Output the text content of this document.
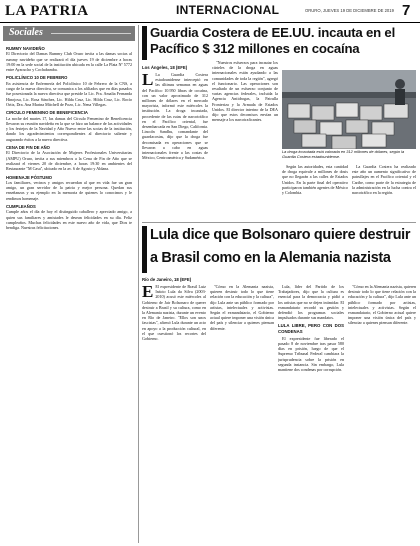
LA PATRIA	INTERNACIONAL	ORURO, JUEVES 19 DE DICIEMBRE DE 2019 7
Sociales
RUMMY NAVIDEÑO

El Directorio del Damas Rummy Club Oruro invita a las damas socias al rummy navideño que se realizará el día jueves 19 de diciembre a horas 19:00 en la sede social de la institución ubicada en la calle La Plata Nº 5772 entre Ayacucho y Cochabamba.

POLICLÍNICO 10 DE FEBRERO

En asistencia de Enfermería del Policlínico 10 de Febrero de la CNS, a cargo de la nueva directiva, se comunica a los afiliados que en días pasados fue posesionada la nueva directiva que preside la Lic. Pra. Amalia Fernanda Hinojosa, Lic. Rosa Sánchez, Lic. Hilda Cruz, Lic. Hilda Cruz, Lic. Rocío Ortiz, Dra. Ana Marina Mitchell de Pozo, Lic. Nena Villegas.

CIRCULO FEMENINO DE BENEFICENCIA

La noche del martes 17, las damas del Círculo Femenino de Beneficencia llevaron su reunión navideña en la que se hizo un balance de las actividades y los festejos de la Navidad y Año Nuevo entre las socias de la institución, dando los agradecimientos correspondientes al directorio saliente y augurando éxitos a la nueva directiva.

CENA DE FIN DE AÑO

El Directorio de la Asociación de Mujeres Profesionales Universitarias (AMPU) Oruro, invita a sus miembros a la Cena de Fin de Año que se realizará el viernes 20 de diciembre, a horas 19:30 en ambientes del Restaurante "M Casa", ubicado en la av. 6 de Agosto y Aldana.

HOMENAJE PÓSTUMO

Los familiares, vecinos y amigos recuerdan al que en vida fue un gran amigo, un gran servidor de la patria y mejor persona. Quedan sus enseñanzas y su ejemplo en la memoria de quienes lo conocimos y le rendimos homenaje.

CUMPLEAÑOS

Cumple años el día de hoy el distinguido caballero y apreciado amigo, a quien sus familiares y amistades le desean felicidades en su día. Feliz cumpleaños. Muchas felicidades en este nuevo año de vida, que Dios te bendiga. Nuestras felicitaciones.

Guardia Costera de EE.UU. incauta en el Pacífico $ 312 millones en cocaína
Los Ángeles, 18 (EFE)

L La Guardia Costera estadounidense interceptó en las últimas semanas en aguas del Pacífico 10.950 libras de cocaína, con un valor aproximado de 312 millones de dólares en el mercado mayorista, informó este miércoles la institución. La droga incautada, procedente de las rutas de narcotráfico en el Pacífico oriental, fue desembarcada en San Diego, California. Lincoln Sandhu, comandante del guardacostas, dijo que la droga fue decomisada en operaciones que se llevaron a cabo en aguas internacionales frente a las costas de México, Centroamérica y Sudamérica.

"Nuestros esfuerzos para incautar los cárteles de la droga en aguas internacionales están ayudando a las comunidades de toda la región", agregó el funcionario. Las operaciones son resultado de un esfuerzo conjunto de varias agencias federales, incluida la Agencia Antidrogas, la Patrulla Fronteriza y la Armada de Estados Unidos. El director interino de la DEA dijo que estos decomisos envían un mensaje a los narcotraficantes.

La droga incautada está valorada en 312 millones de dólares, según la Guardia Costera estadounidense.

Según las autoridades, esta cantidad de droga equivale a millones de dosis que no llegarán a las calles de Estados Unidos. En la parte final del operativo participaron también agentes de México y Colombia.

La Guardia Costera ha realizado este año un aumento significativo de patrullajes en el Pacífico oriental y el Caribe, como parte de la estrategia de la administración en la lucha contra el narcotráfico en la región.

Lula dice que Bolsonaro quiere destruir a Brasil como en la Alemania nazista
Río de Janeiro, 18 (EFE)

E El expresidente de Brasil Luiz Inácio Lula da Silva (2003-2010) acusó este miércoles al Gobierno de Jair Bolsonaro de querer destruir a Brasil y su cultura, como en la Alemania nazista, durante un evento en Río de Janeiro. "Ellos son unos fascistas", afirmó Lula durante un acto en apoyo a la producción cultural, en el que cuestionó los recortes del Gobierno.

"Cómo en la Alemania nazista, quieren destruir todo lo que tiene relación con la educación y la cultura", dijo Lula ante un público formado por artistas, intelectuales y activistas. Según el exmandatario, el Gobierno actual quiere imponer una visión única del país y silenciar a quienes piensan diferente.

Lula, líder del Partido de los Trabajadores, dijo que la cultura es esencial para la democracia y pidió a los artistas que no se dejen intimidar. El exmandatario recordó su gestión y defendió los programas sociales impulsados durante sus mandatos.

LULA LIBRE, PERO CON DOS CONDENAS

El expresidente fue liberado el pasado 8 de noviembre tras pasar 580 días en prisión, luego de que el Supremo Tribunal Federal cambiara la jurisprudencia sobre la prisión en segunda instancia. Sin embargo, Lula mantiene dos condenas por corrupción.

"Cómo en la Alemania nazista, quieren destruir todo lo que tiene relación con la educación y la cultura", dijo Lula ante un público formado por artistas, intelectuales y activistas. Según el exmandatario, el Gobierno actual quiere imponer una visión única del país y silenciar a quienes piensan diferente.
